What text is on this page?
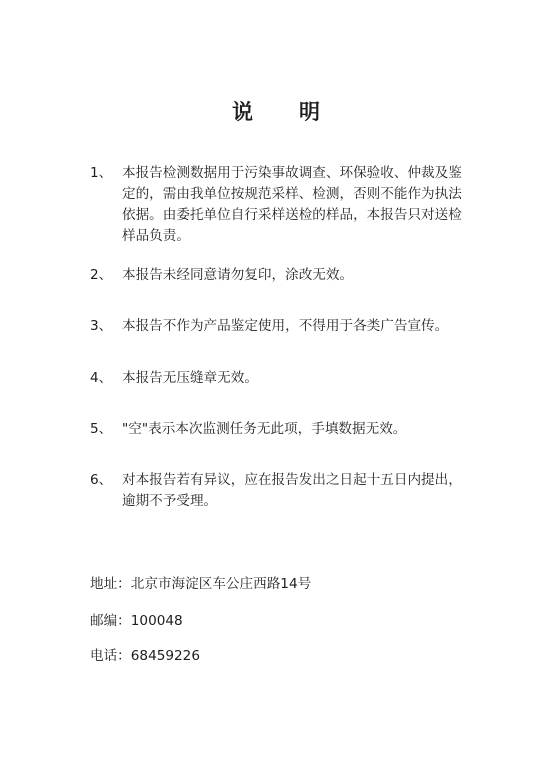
说 明
1、 本报告检测数据用于污染事故调查、环保验收、仲裁及鉴
定的，需由我单位按规范采样、检测，否则不能作为执法
依据。由委托单位自行采样送检的样品，本报告只对送检
样品负责。
2、 本报告未经同意请勿复印，涂改无效。
3、 本报告不作为产品鉴定使用，不得用于各类广告宣传。
4、 本报告无压缝章无效。
5、 "空"表示本次监测任务无此项，手填数据无效。
6、 对本报告若有异议，应在报告发出之日起十五日内提出，
逾期不予受理。
地址：北京市海淀区车公庄西路14号
邮编：100048
电话：68459226
